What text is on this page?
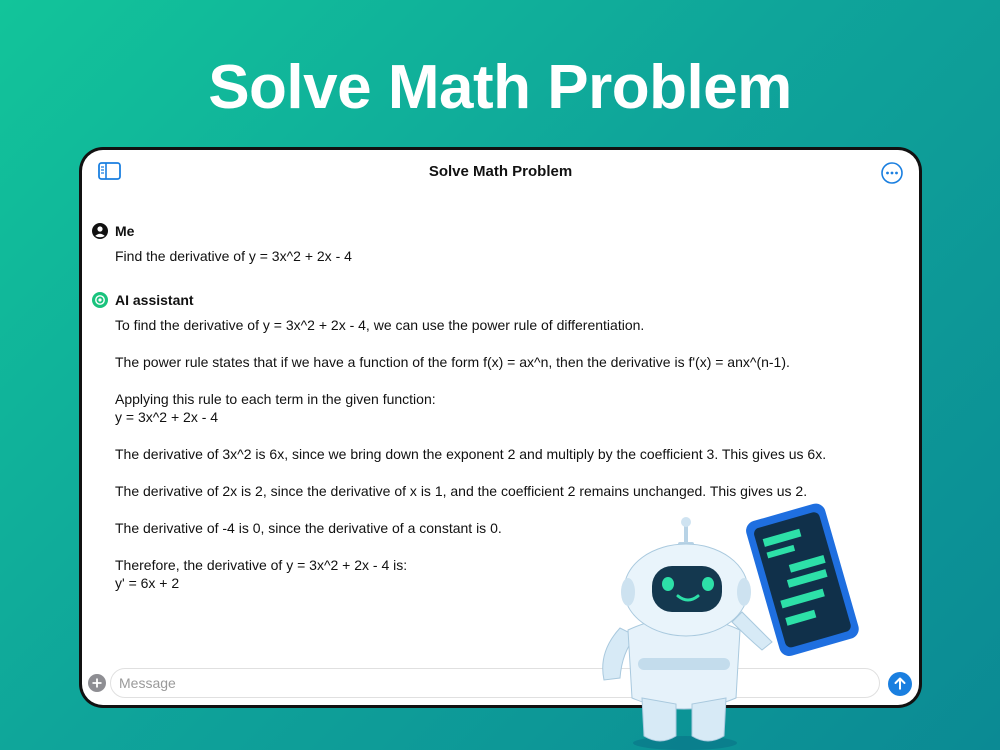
Solve Math Problem
Solve Math Problem
Me

Find the derivative of y = 3x^2 + 2x - 4

AI assistant

To find the derivative of y = 3x^2 + 2x - 4, we can use the power rule of differentiation.

The power rule states that if we have a function of the form f(x) = ax^n, then the derivative is f'(x) = anx^(n-1).

Applying this rule to each term in the given function:
y = 3x^2 + 2x - 4

The derivative of 3x^2 is 6x, since we bring down the exponent 2 and multiply by the coefficient 3. This gives us 6x.

The derivative of 2x is 2, since the derivative of x is 1, and the coefficient 2 remains unchanged. This gives us 2.

The derivative of -4 is 0, since the derivative of a constant is 0.

Therefore, the derivative of y = 3x^2 + 2x - 4 is:
y' = 6x + 2

Message
